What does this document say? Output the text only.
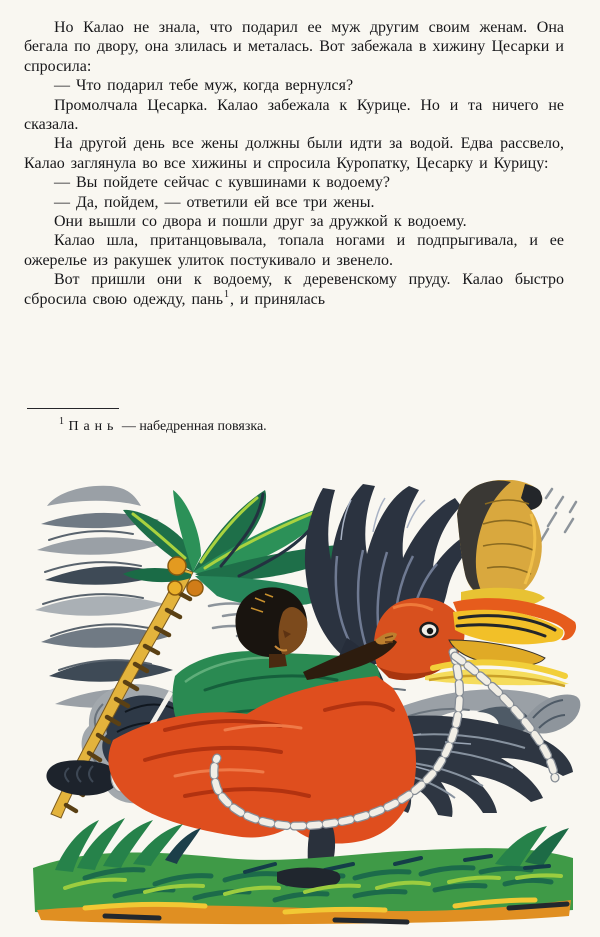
Но Калао не знала, что подарил ее муж другим своим женам. Она бегала по двору, она злилась и металась. Вот забежала в хижину Цесарки и спросила:

— Что подарил тебе муж, когда вернулся?

Промолчала Цесарка. Калао забежала к Курице. Но и та ничего не сказала.

На другой день все жены должны были идти за водой. Едва рассвело, Калао заглянула во все хижины и спросила Куропатку, Цесарку и Курицу:

— Вы пойдете сейчас с кувшинами к водоему?

— Да, пойдем, — ответили ей все три жены.

Они вышли со двора и пошли друг за дружкой к водоему.

Калао шла, пританцовывала, топала ногами и подпрыгивала, и ее ожерелье из ракушек улиток постукивало и звенело.

Вот пришли они к водоему, к деревенскому пруду. Калао быстро сбросила свою одежду, пань$^1$, и принялась

$^1$ Пань — набедренная повязка.
